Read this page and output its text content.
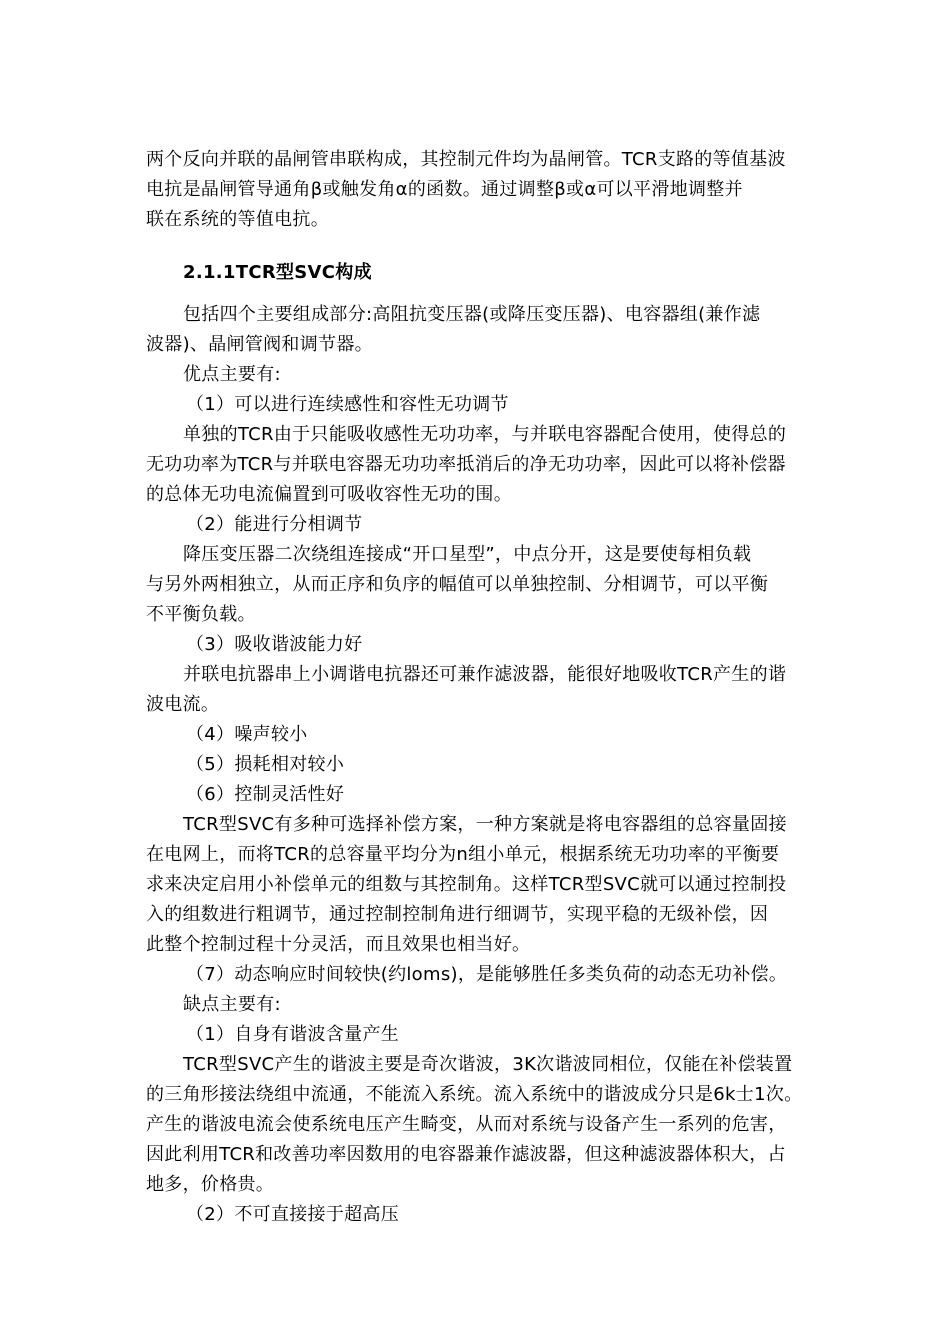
两个反向并联的晶闸管串联构成，其控制元件均为晶闸管。TCR支路的等值基波
电抗是晶闸管导通角β或触发角α的函数。通过调整β或α可以平滑地调整并
联在系统的等值电抗。
2.1.1TCR型SVC构成
包括四个主要组成部分:高阻抗变压器(或降压变压器)、电容器组(兼作滤
波器)、晶闸管阀和调节器。
优点主要有:
（1）可以进行连续感性和容性无功调节
单独的TCR由于只能吸收感性无功功率，与并联电容器配合使用，使得总的
无功功率为TCR与并联电容器无功功率抵消后的净无功功率，因此可以将补偿器
的总体无功电流偏置到可吸收容性无功的围。
（2）能进行分相调节
降压变压器二次绕组连接成“开口星型”，中点分开，这是要使每相负载
与另外两相独立，从而正序和负序的幅值可以单独控制、分相调节，可以平衡
不平衡负载。
（3）吸收谐波能力好
并联电抗器串上小调谐电抗器还可兼作滤波器，能很好地吸收TCR产生的谐
波电流。
（4）噪声较小
（5）损耗相对较小
（6）控制灵活性好
TCR型SVC有多种可选择补偿方案，一种方案就是将电容器组的总容量固接
在电网上，而将TCR的总容量平均分为n组小单元，根据系统无功功率的平衡要
求来决定启用小补偿单元的组数与其控制角。这样TCR型SVC就可以通过控制投
入的组数进行粗调节，通过控制控制角进行细调节，实现平稳的无级补偿，因
此整个控制过程十分灵活，而且效果也相当好。
（7）动态响应时间较快(约loms)，是能够胜任多类负荷的动态无功补偿。
缺点主要有:
（1）自身有谐波含量产生
TCR型SVC产生的谐波主要是奇次谐波，3K次谐波同相位，仅能在补偿装置
的三角形接法绕组中流通，不能流入系统。流入系统中的谐波成分只是6k士1次。
产生的谐波电流会使系统电压产生畸变，从而对系统与设备产生一系列的危害，
因此利用TCR和改善功率因数用的电容器兼作滤波器，但这种滤波器体积大，占
地多，价格贵。
（2）不可直接接于超高压
